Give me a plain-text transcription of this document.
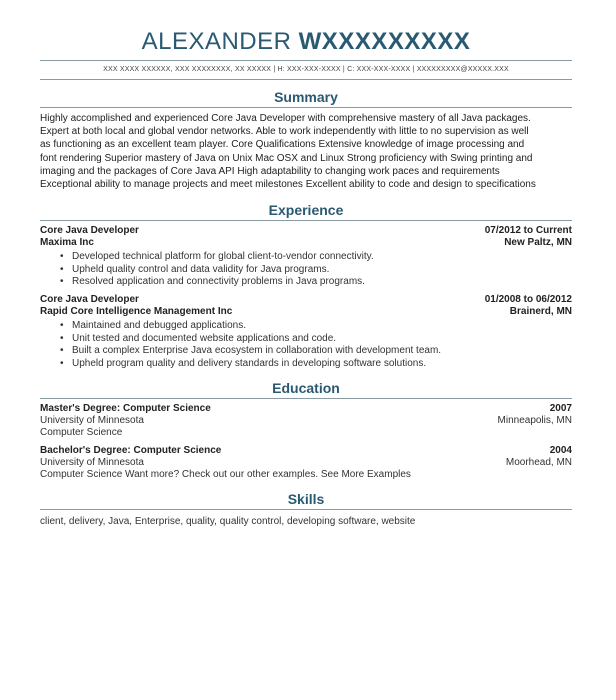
ALEXANDER WXXXXXXXXX
XXX XXXX XXXXXX, XXX XXXXXXXX, XX XXXXX | H: XXX-XXX-XXXX | C: XXX-XXX-XXXX | XXXXXXXXX@XXXXX.XXX
Summary
Highly accomplished and experienced Core Java Developer with comprehensive mastery of all Java packages.
Expert at both local and global vendor networks. Able to work independently with little to no supervision as well
as functioning as an excellent team player. Core Qualifications Extensive knowledge of image processing and
font rendering Superior mastery of Java on Unix Mac OSX and Linux Strong proficiency with Swing printing and
imaging and the packages of Core Java API High adaptability to changing work paces and requirements
Exceptional ability to manage projects and meet milestones Excellent ability to code and design to specifications
Experience
Core Java Developer	07/2012 to Current
Maxima Inc	New Paltz, MN
• Developed technical platform for global client-to-vendor connectivity.
• Upheld quality control and data validity for Java programs.
• Resolved application and connectivity problems in Java programs.
Core Java Developer	01/2008 to 06/2012
Rapid Core Intelligence Management Inc	Brainerd, MN
• Maintained and debugged applications.
• Unit tested and documented website applications and code.
• Built a complex Enterprise Java ecosystem in collaboration with development team.
• Upheld program quality and delivery standards in developing software solutions.
Education
Master's Degree: Computer Science	2007
University of Minnesota	Minneapolis, MN
Computer Science
Bachelor's Degree: Computer Science	2004
University of Minnesota	Moorhead, MN
Computer Science Want more? Check out our other examples. See More Examples
Skills
client, delivery, Java, Enterprise, quality, quality control, developing software, website
